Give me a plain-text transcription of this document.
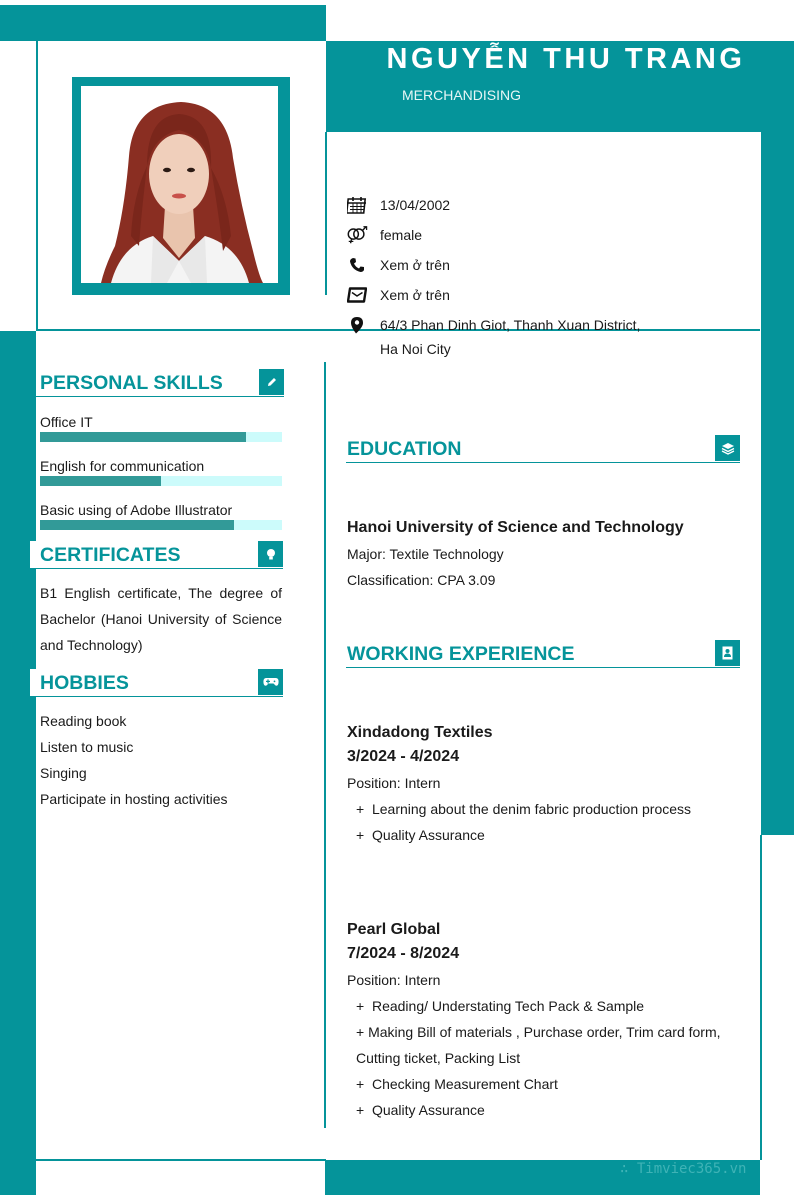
NGUYỄN THU TRANG
MERCHANDISING
13/04/2002
female
Xem ở trên
Xem ở trên
64/3 Phan Dinh Giot, Thanh Xuan District,
Ha Noi City
PERSONAL SKILLS
Office IT
English for communication
Basic using of Adobe Illustrator
CERTIFICATES
B1 English certificate, The degree of Bachelor (Hanoi University of Science and Technology)
HOBBIES
Reading book
Listen to music
Singing
Participate in hosting activities
EDUCATION
Hanoi University of Science and Technology
Major: Textile Technology
Classification: CPA 3.09
WORKING EXPERIENCE
Xindadong Textiles
3/2024 - 4/2024
Position: Intern
+  Learning about the denim fabric production process
+  Quality Assurance
Pearl Global
7/2024 - 8/2024
Position: Intern
+  Reading/ Understating Tech Pack & Sample
+ Making Bill of materials , Purchase order, Trim card form,
Cutting ticket, Packing List
+  Checking Measurement Chart
+  Quality Assurance
∴ Timviec365.vn
